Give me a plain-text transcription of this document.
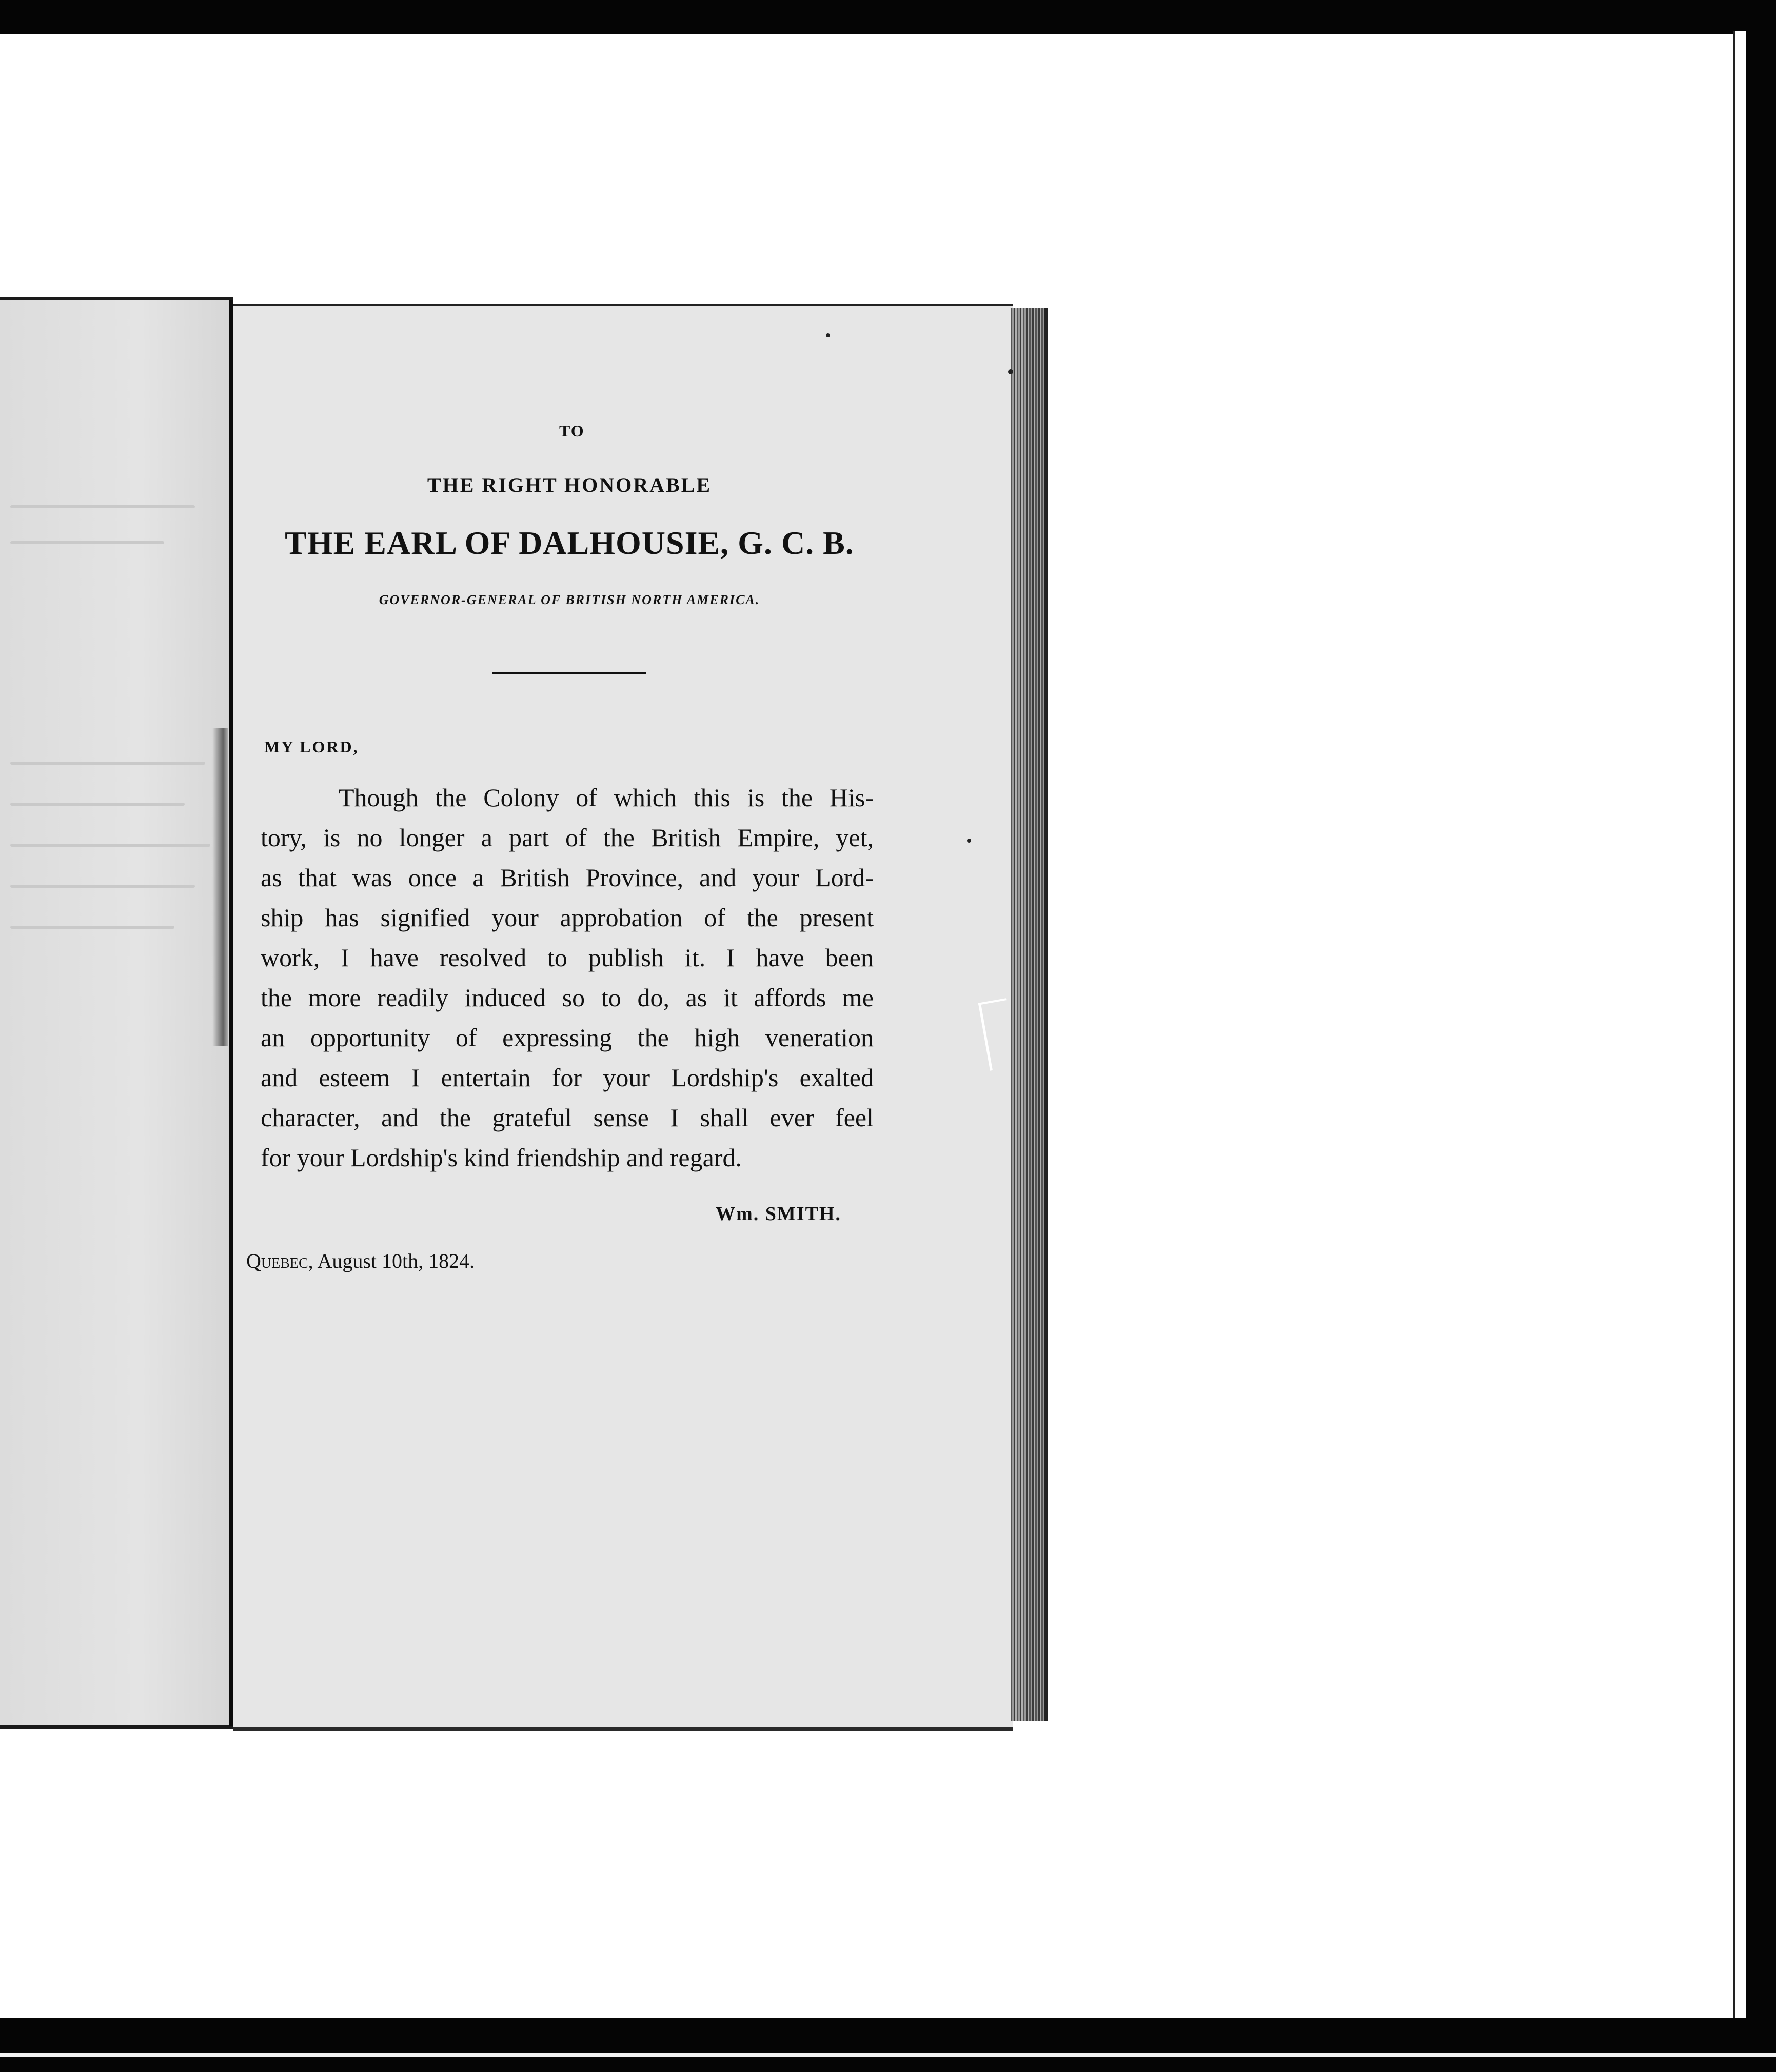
TO
THE RIGHT HONORABLE
THE EARL OF DALHOUSIE, G. C. B.
GOVERNOR-GENERAL OF BRITISH NORTH AMERICA.
MY LORD,
Though the Colony of which this is the His-
tory, is no longer a part of the British Empire, yet,
as that was once a British Province, and your Lord-
ship has signified your approbation of the present
work, I have resolved to publish it. I have been
the more readily induced so to do, as it affords me
an opportunity of expressing the high veneration
and esteem I entertain for your Lordship's exalted
character, and the grateful sense I shall ever feel
for your Lordship's kind friendship and regard.
Wm. SMITH.
Quebec, August 10th, 1824.
